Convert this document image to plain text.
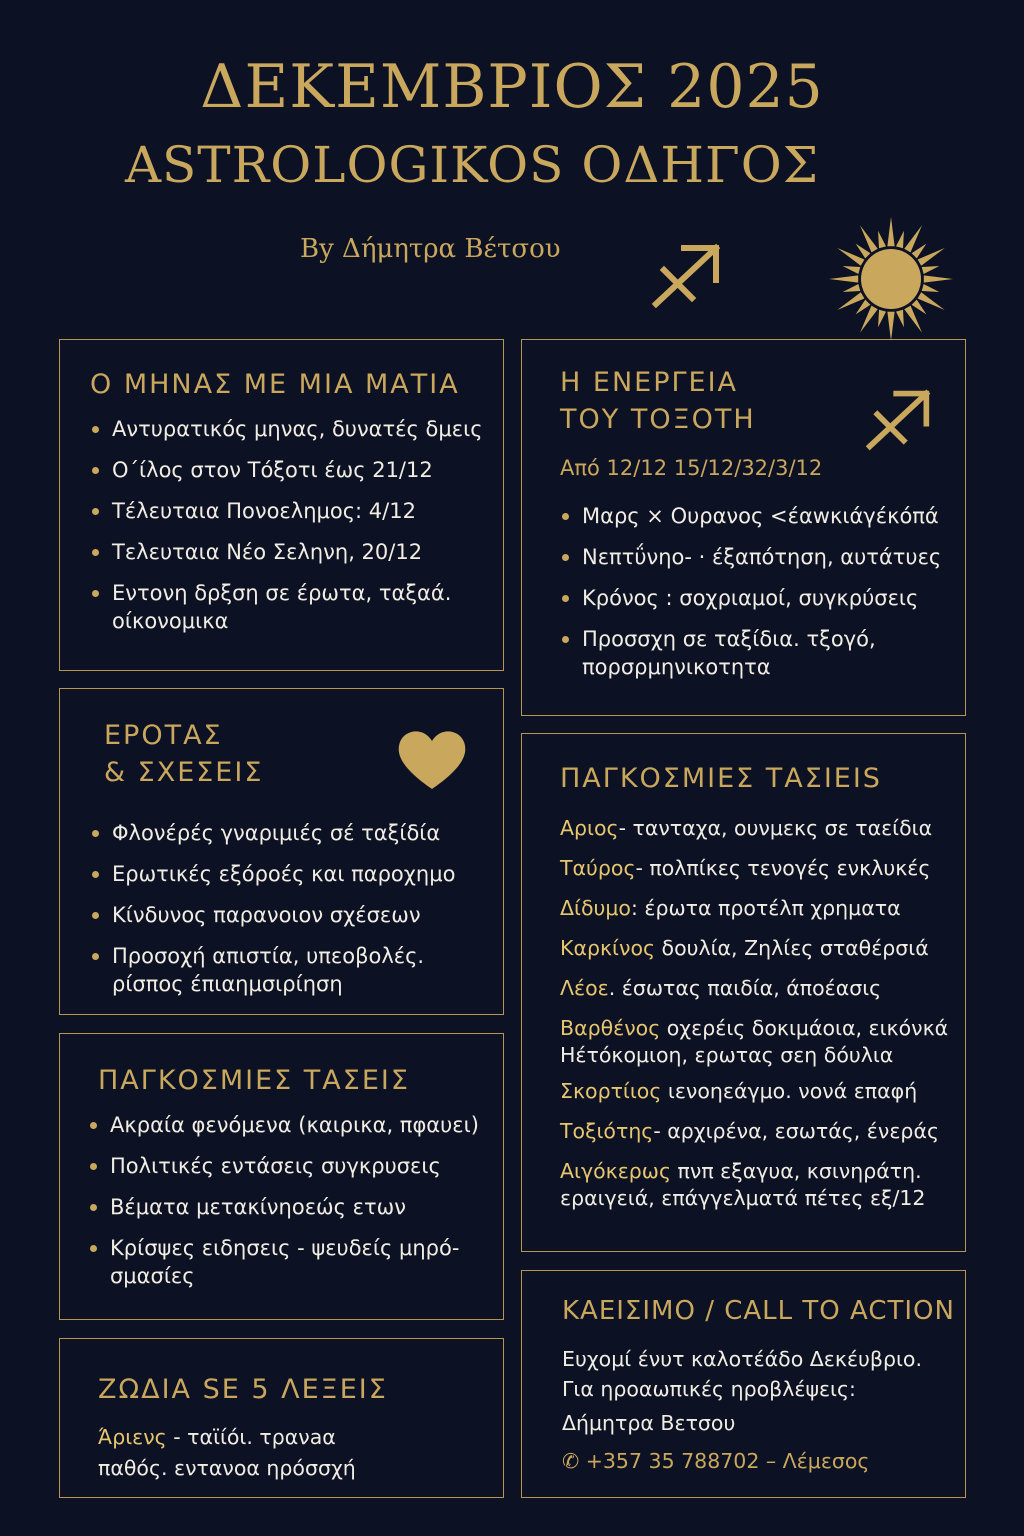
ΔΕΚΕΜΒΡΙΟΣ 2025
ASTROLOGIKOS ΟΔΗΓΟΣ
By Δήμητρα Βέτσου
Ο ΜΗΝΑΣ ΜΕ ΜΙΑ ΜΑΤΙΑ
Αντυρατικός μηνας, δυνατές δμεις
Ο΄ίλος στον Τόξοτι έως 21/12
Τέλευταια Πονοελημος: 4/12
Τελευταια Νέο Σεληνη, 20/12
Εντονη δρξση σε έρωτα, ταξαά. οίκονομικα
Η ΕΝΕΡΓΕΙΑ
ΤΟΥ ΤΟΞΟΤΗ
Από 12/12 15/12/32/3/12
Μαρς × Ουρανος <έαwκιάγέκόπά
Νεπτΰνηο- · έξαπότηση, αυτάτυες
Κρόνος : σοχριαμοί, συγκρύσεις
Προσσχη σε ταξίδια. τξογό, πορσρμηνικοτητα
ΕΡΟΤΑΣ
& ΣΧΕΣΕΙΣ
Φλονέρές γναριμιές σέ ταξίδία
Ερωτικές εξόροές και παροχημο
Κίνδυνος παρανοιον σχέσεων
Προσοχή απιστία, υπεοβολές. ρίσπος έπιαημσιρίηση
ΠΑΓΚΟΣΜΙΕΣ ΤΑΣΙΕΙS
Αριος- τανταχα, ουνμεκς σε ταείδια
Ταύρος- πολπίκες τενογές ενκλυκές
Δίδυμο: έρωτα προτέλπ χρηματα
Καρκίνος δουλία, Ζηλίες σταθέρσιά
Λέοε. έσωτας παιδία, άποέασις
Βαρθένος οχερέις δοκιμάοια, εικόνκά Ηέτόκομιοη, ερωτας σεη δόυλια
Σκορτίιος ιενοηεάγμο. νονά επαφή
Τοξιότης- αρχιρένα, εσωτάς, ένεράς
Αιγόκερως πνπ εξαγυα, κσινηράτη. εραιγειά, επάγγελματά πέτες εξ/12
ΠΑΓΚΟΣΜΙΕΣ ΤΑΣΕΙΣ
Ακραία φενόμενα (καιρικα, πφαυει)
Πολιτικές εντάσεις συγκρυσεις
Βέματα μετακίνηοεώς ετων
Κρίσψες ειδησεις - ψευδείς μηρό-σμασίες
ΖΩΔΙΑ SE 5 ΛΕΞΕΙΣ
Άριενς - ταϊίόι. τρανaα παθός. εντανοα ηρόσσχή
ΚΑΕΙΣΙΜΟ / CALL TO ACTION

Ευχομί ένυτ καλοτέάδο Δεκέυβριο.

Για ηροαωπικές ηροβλέψεις:

Δήμητρα Βετσου

✆ +357 35 788702 – Λέμεσος
